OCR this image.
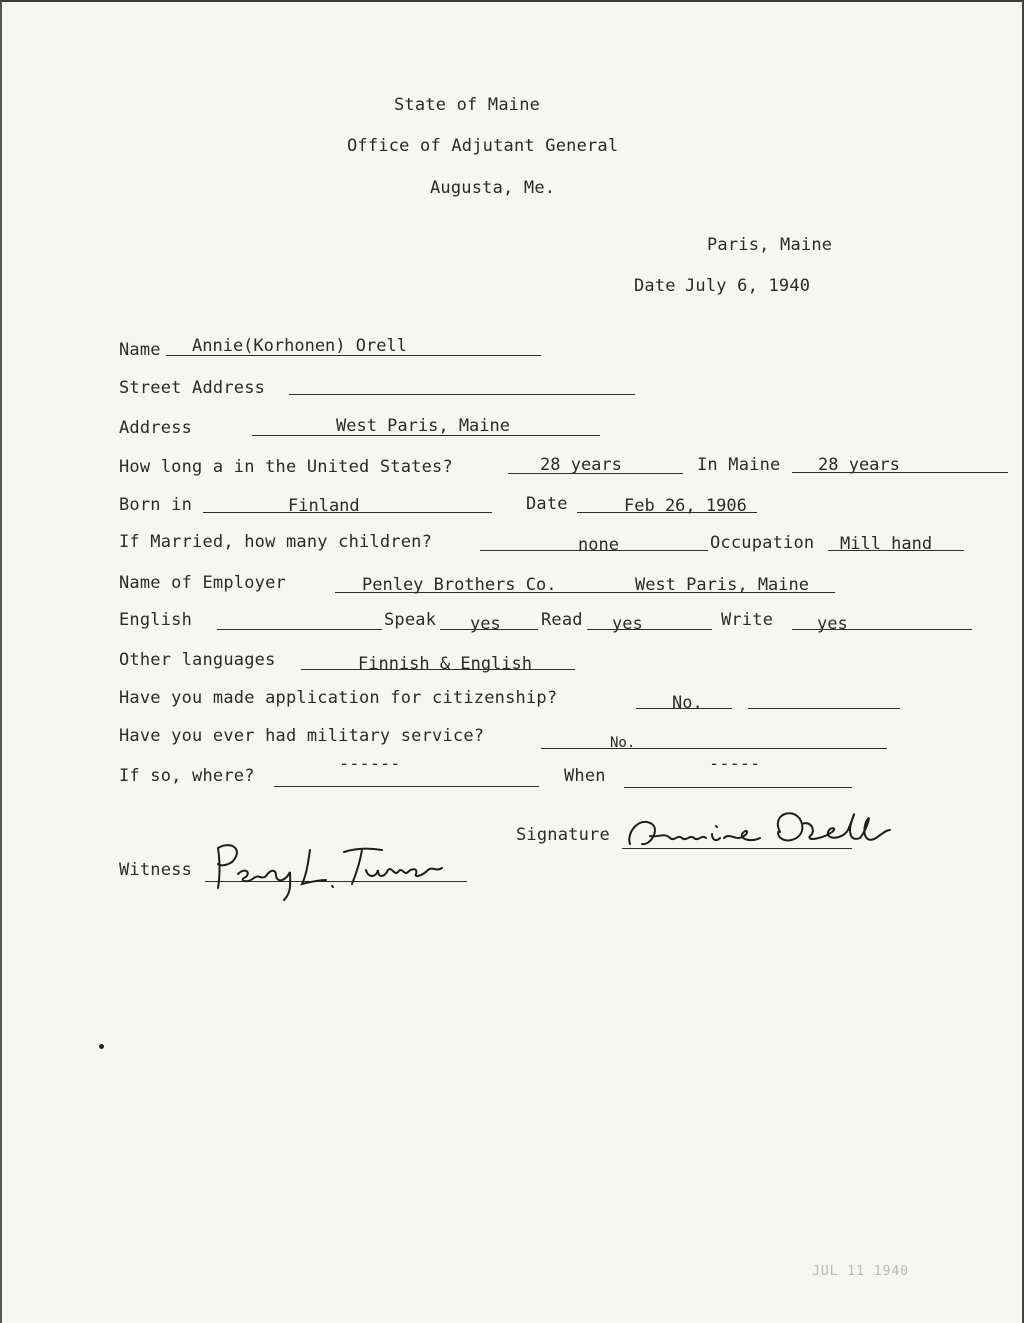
State of Maine
Office of Adjutant General
Augusta, Me.
Paris, Maine
Date July 6, 1940
Name Annie(Korhonen) Orell
Street Address
Address	West Paris, Maine
How long a in the United States?	28 years	In Maine 28 years
Born in	Finland	Date	Feb 26, 1906
If Married, how many children?	none	Occupation Mill hand
Name of Employer	Penley Brothers Co.	West Paris, Maine
English	Speak yes Read yes	Write	yes
Other languages	Finnish & English
Have you made application for citizenship?	No.
Have you ever had military service?	No.
If so, where?
------
When
-----
Signature
Witness
JUL 11 1940
